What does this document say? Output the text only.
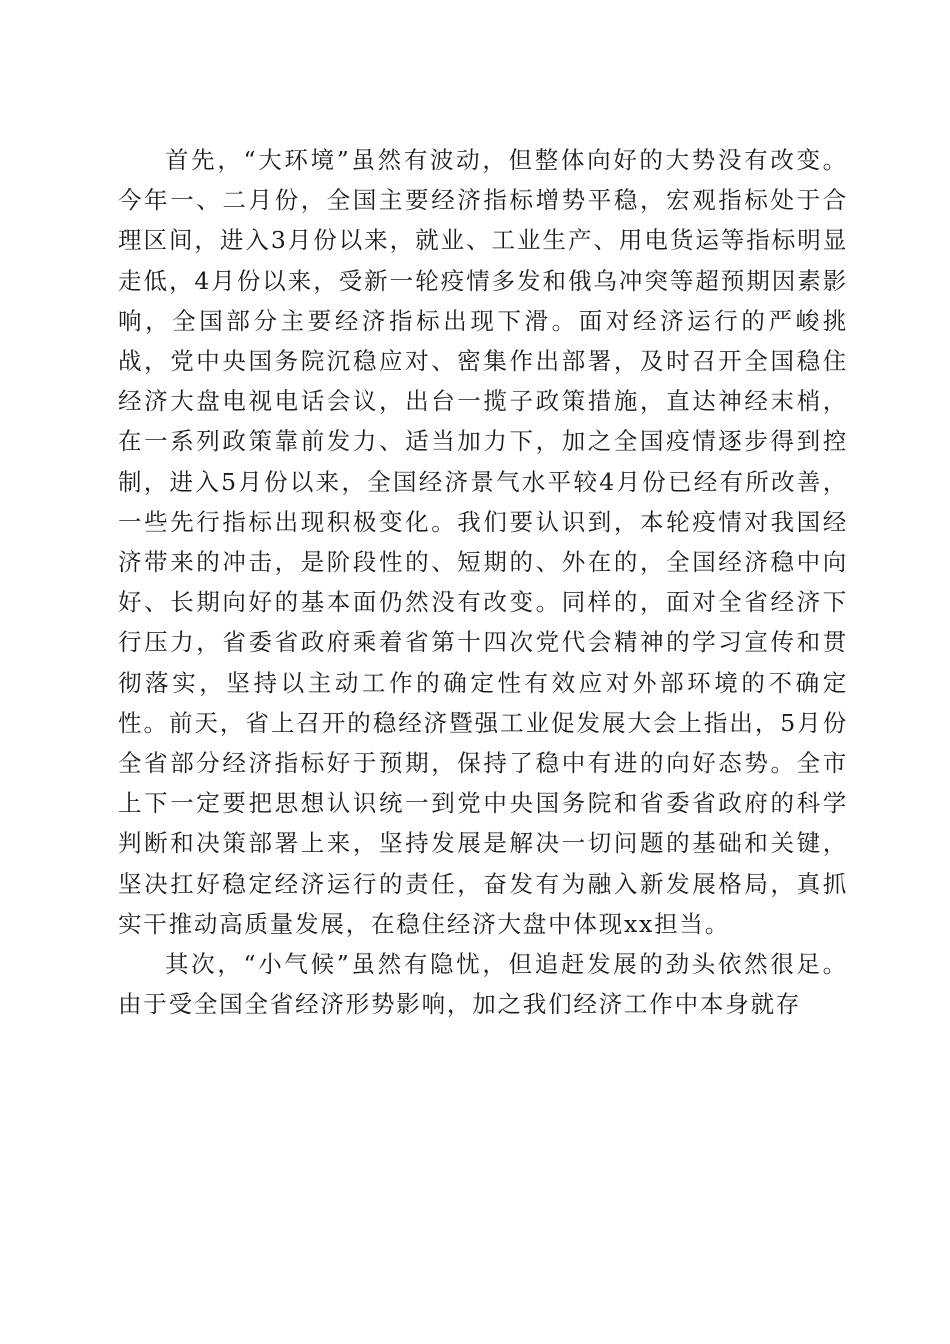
首先，“大环境”虽然有波动，但整体向好的大势没有改变。今年一、二月份，全国主要经济指标增势平稳，宏观指标处于合理区间，进入3月份以来，就业、工业生产、用电货运等指标明显走低，4月份以来，受新一轮疫情多发和俄乌冲突等超预期因素影响，全国部分主要经济指标出现下滑。面对经济运行的严峻挑战，党中央国务院沉稳应对、密集作出部署，及时召开全国稳住经济大盘电视电话会议，出台一揽子政策措施，直达神经末梢，在一系列政策靠前发力、适当加力下，加之全国疫情逐步得到控制，进入5月份以来，全国经济景气水平较4月份已经有所改善，一些先行指标出现积极变化。我们要认识到，本轮疫情对我国经济带来的冲击，是阶段性的、短期的、外在的，全国经济稳中向好、长期向好的基本面仍然没有改变。同样的，面对全省经济下行压力，省委省政府乘着省第十四次党代会精神的学习宣传和贯彻落实，坚持以主动工作的确定性有效应对外部环境的不确定性。前天，省上召开的稳经济暨强工业促发展大会上指出，5月份全省部分经济指标好于预期，保持了稳中有进的向好态势。全市上下一定要把思想认识统一到党中央国务院和省委省政府的科学判断和决策部署上来，坚持发展是解决一切问题的基础和关键，坚决扛好稳定经济运行的责任，奋发有为融入新发展格局，真抓实干推动高质量发展，在稳住经济大盘中体现xx担当。

其次，“小气候”虽然有隐忧，但追赶发展的劲头依然很足。由于受全国全省经济形势影响，加之我们经济工作中本身就存
